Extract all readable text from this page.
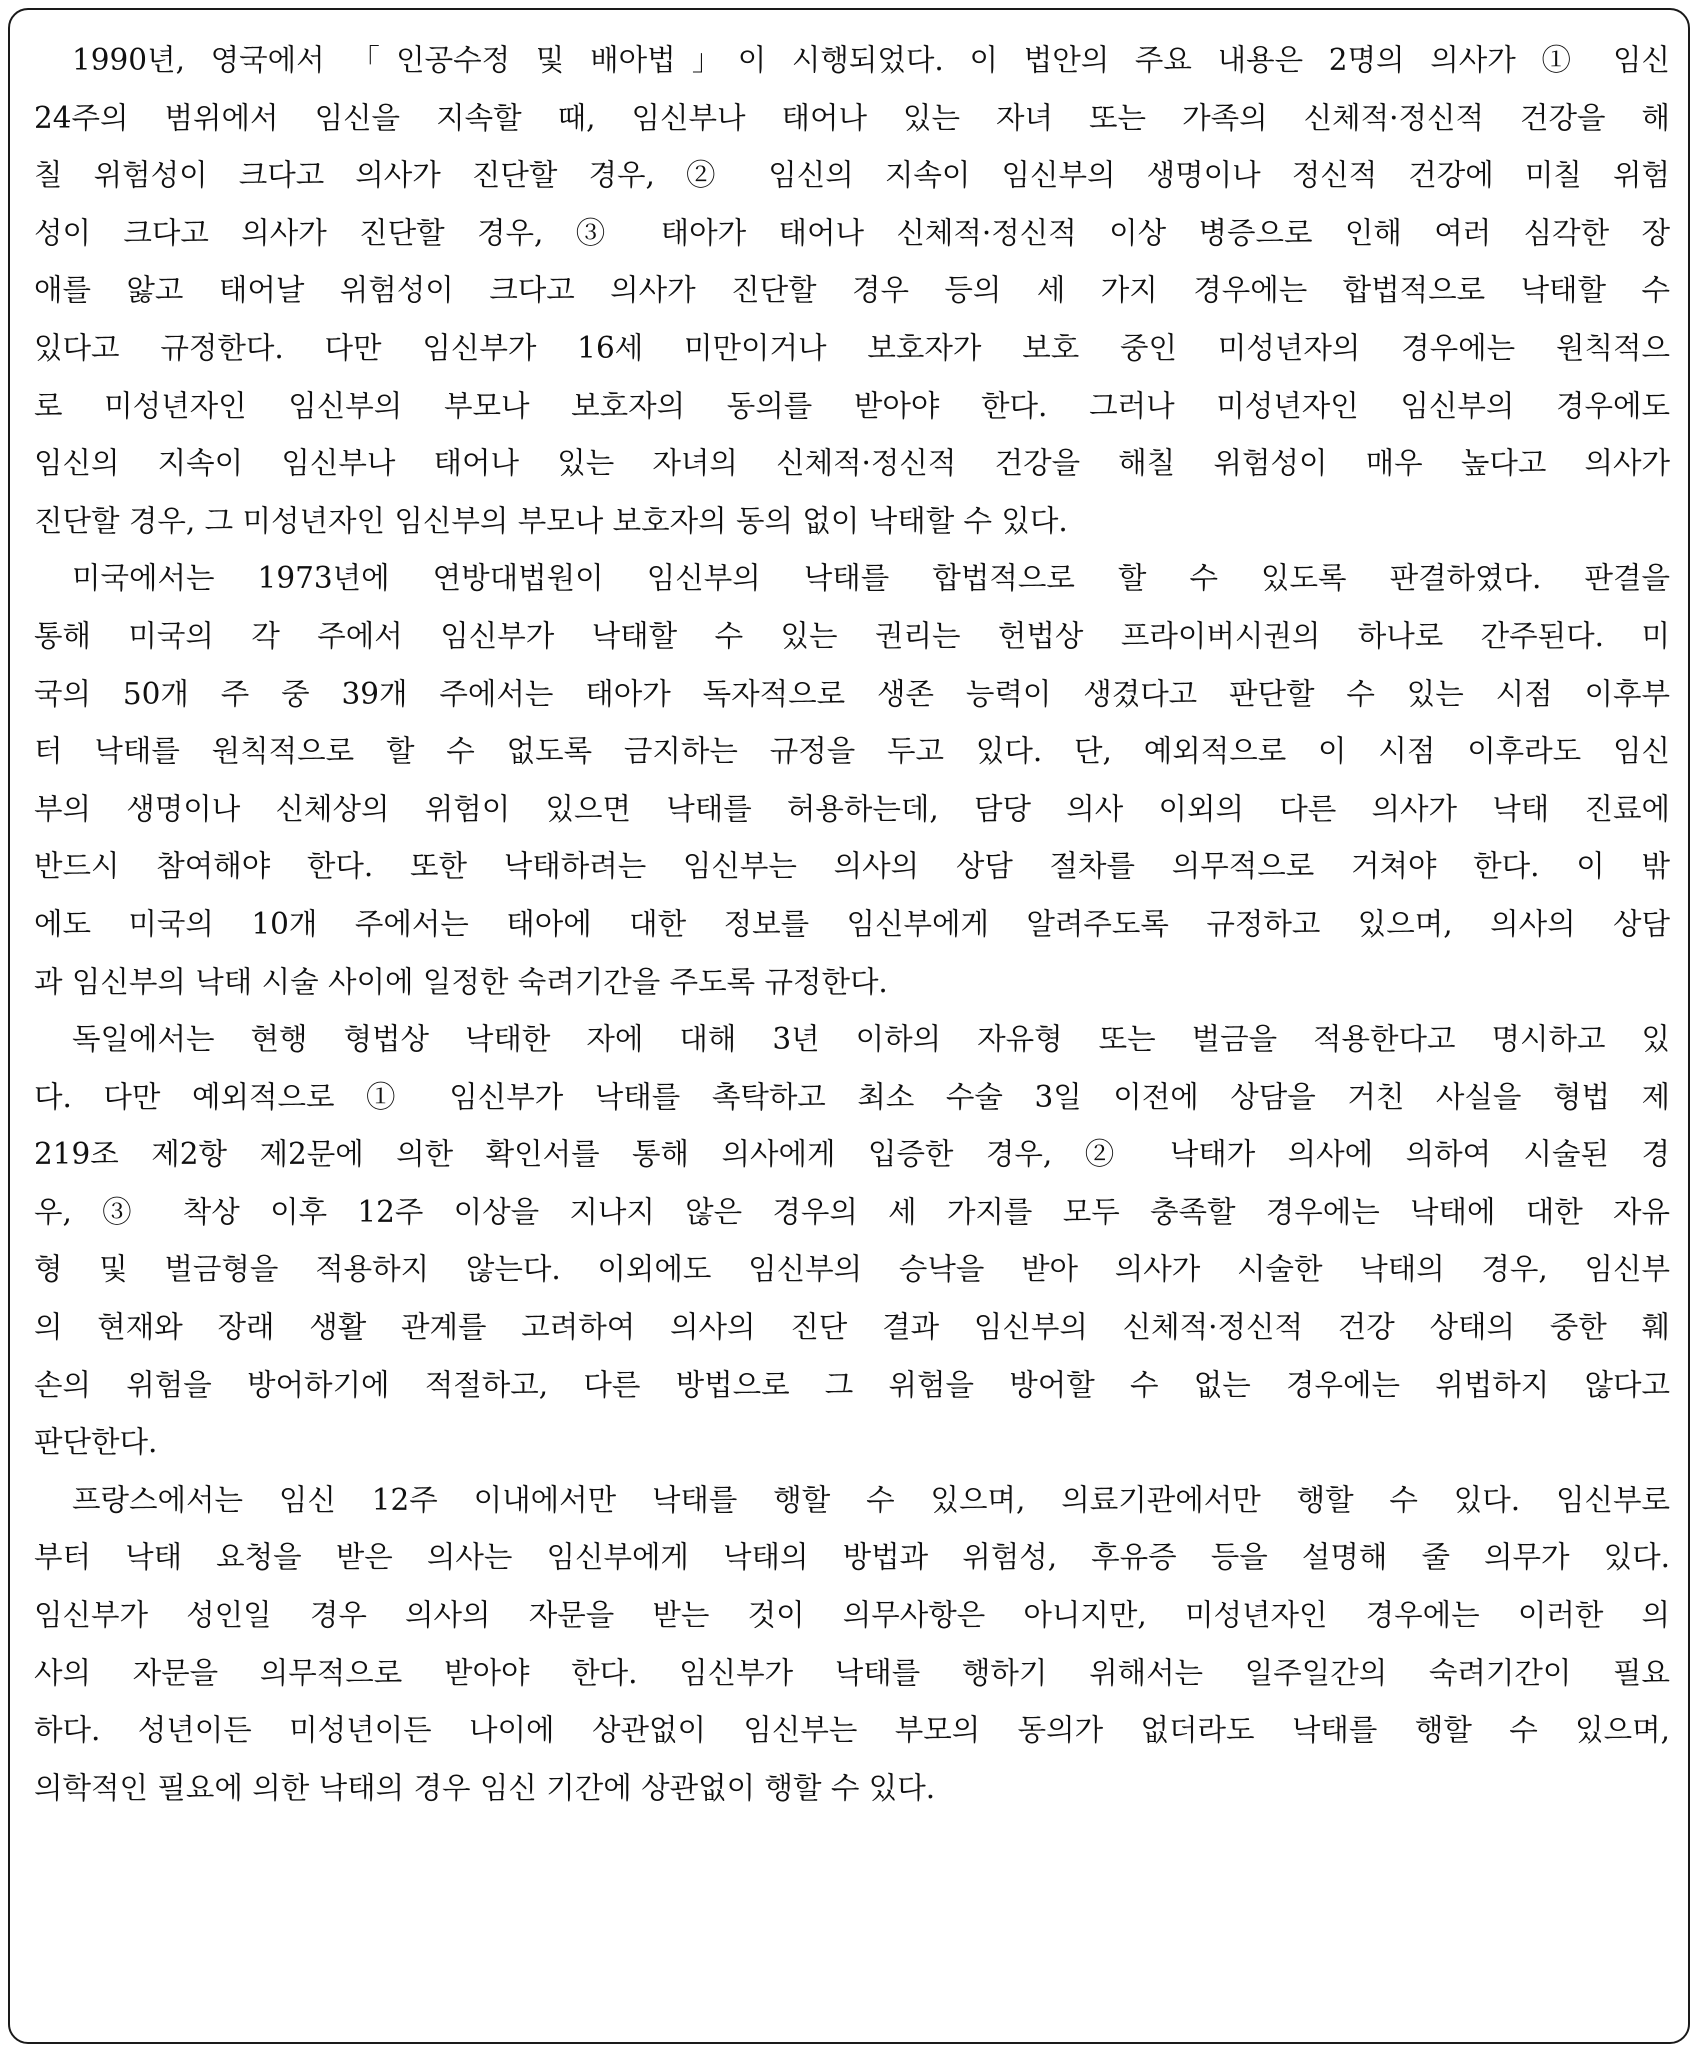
1990년, 영국에서 「인공수정 및 배아법」이 시행되었다. 이 법안의 주요 내용은 2명의 의사가 ① 임신
24주의 범위에서 임신을 지속할 때, 임신부나 태어나 있는 자녀 또는 가족의 신체적·정신적 건강을 해
칠 위험성이 크다고 의사가 진단할 경우, ② 임신의 지속이 임신부의 생명이나 정신적 건강에 미칠 위험
성이 크다고 의사가 진단할 경우, ③ 태아가 태어나 신체적·정신적 이상 병증으로 인해 여러 심각한 장
애를 앓고 태어날 위험성이 크다고 의사가 진단할 경우 등의 세 가지 경우에는 합법적으로 낙태할 수
있다고 규정한다. 다만 임신부가 16세 미만이거나 보호자가 보호 중인 미성년자의 경우에는 원칙적으
로 미성년자인 임신부의 부모나 보호자의 동의를 받아야 한다. 그러나 미성년자인 임신부의 경우에도
임신의 지속이 임신부나 태어나 있는 자녀의 신체적·정신적 건강을 해칠 위험성이 매우 높다고 의사가
진단할 경우, 그 미성년자인 임신부의 부모나 보호자의 동의 없이 낙태할 수 있다.
미국에서는 1973년에 연방대법원이 임신부의 낙태를 합법적으로 할 수 있도록 판결하였다. 판결을
통해 미국의 각 주에서 임신부가 낙태할 수 있는 권리는 헌법상 프라이버시권의 하나로 간주된다. 미
국의 50개 주 중 39개 주에서는 태아가 독자적으로 생존 능력이 생겼다고 판단할 수 있는 시점 이후부
터 낙태를 원칙적으로 할 수 없도록 금지하는 규정을 두고 있다. 단, 예외적으로 이 시점 이후라도 임신
부의 생명이나 신체상의 위험이 있으면 낙태를 허용하는데, 담당 의사 이외의 다른 의사가 낙태 진료에
반드시 참여해야 한다. 또한 낙태하려는 임신부는 의사의 상담 절차를 의무적으로 거쳐야 한다. 이 밖
에도 미국의 10개 주에서는 태아에 대한 정보를 임신부에게 알려주도록 규정하고 있으며, 의사의 상담
과 임신부의 낙태 시술 사이에 일정한 숙려기간을 주도록 규정한다.
독일에서는 현행 형법상 낙태한 자에 대해 3년 이하의 자유형 또는 벌금을 적용한다고 명시하고 있
다. 다만 예외적으로 ① 임신부가 낙태를 촉탁하고 최소 수술 3일 이전에 상담을 거친 사실을 형법 제
219조 제2항 제2문에 의한 확인서를 통해 의사에게 입증한 경우, ② 낙태가 의사에 의하여 시술된 경
우, ③ 착상 이후 12주 이상을 지나지 않은 경우의 세 가지를 모두 충족할 경우에는 낙태에 대한 자유
형 및 벌금형을 적용하지 않는다. 이외에도 임신부의 승낙을 받아 의사가 시술한 낙태의 경우, 임신부
의 현재와 장래 생활 관계를 고려하여 의사의 진단 결과 임신부의 신체적·정신적 건강 상태의 중한 훼
손의 위험을 방어하기에 적절하고, 다른 방법으로 그 위험을 방어할 수 없는 경우에는 위법하지 않다고
판단한다.
프랑스에서는 임신 12주 이내에서만 낙태를 행할 수 있으며, 의료기관에서만 행할 수 있다. 임신부로
부터 낙태 요청을 받은 의사는 임신부에게 낙태의 방법과 위험성, 후유증 등을 설명해 줄 의무가 있다.
임신부가 성인일 경우 의사의 자문을 받는 것이 의무사항은 아니지만, 미성년자인 경우에는 이러한 의
사의 자문을 의무적으로 받아야 한다. 임신부가 낙태를 행하기 위해서는 일주일간의 숙려기간이 필요
하다. 성년이든 미성년이든 나이에 상관없이 임신부는 부모의 동의가 없더라도 낙태를 행할 수 있으며,
의학적인 필요에 의한 낙태의 경우 임신 기간에 상관없이 행할 수 있다.
